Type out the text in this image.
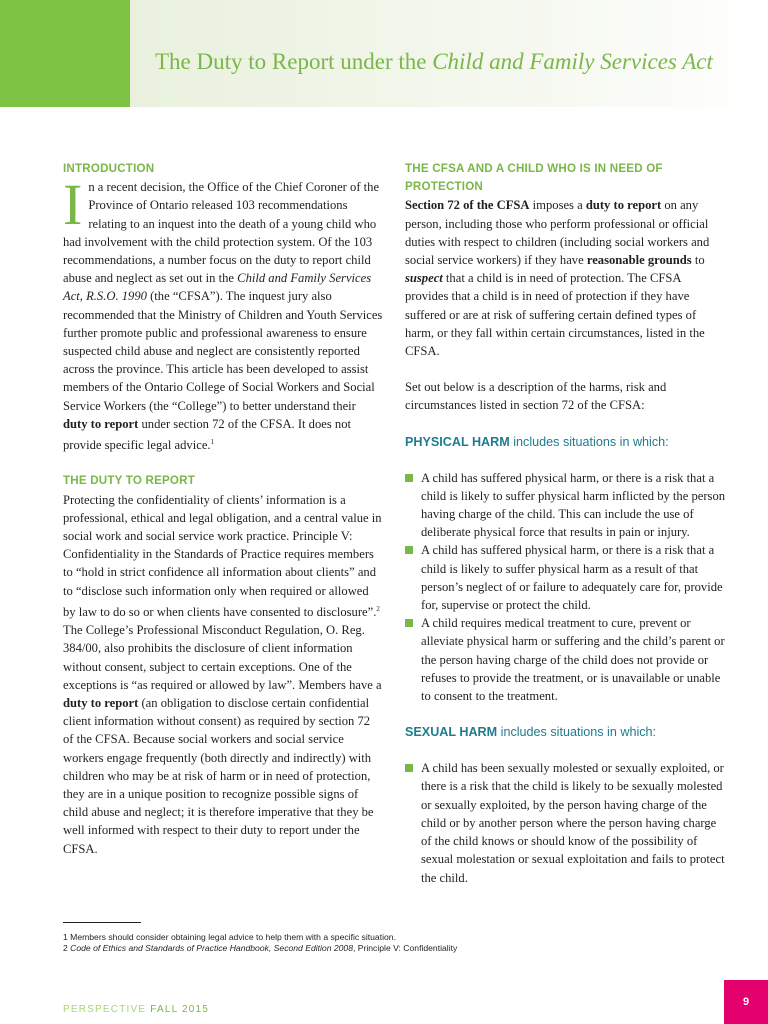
The Duty to Report under the Child and Family Services Act
INTRODUCTION

In a recent decision, the Office of the Chief Coroner of the Province of Ontario released 103 recommendations relating to an inquest into the death of a young child who had involvement with the child protection system. Of the 103 recommendations, a number focus on the duty to report child abuse and neglect as set out in the Child and Family Services Act, R.S.O. 1990 (the “CFSA”). The inquest jury also recommended that the Ministry of Children and Youth Services further promote public and professional awareness to ensure suspected child abuse and neglect are consistently reported across the province. This article has been developed to assist members of the Ontario College of Social Workers and Social Service Workers (the “College”) to better understand their duty to report under section 72 of the CFSA. It does not provide specific legal advice.$^1$

THE DUTY TO REPORT

Protecting the confidentiality of clients’ information is a professional, ethical and legal obligation, and a central value in social work and social service work practice. Principle V: Confidentiality in the Standards of Practice requires members to “hold in strict confidence all information about clients” and to “disclose such information only when required or allowed by law to do so or when clients have consented to disclosure”.$^2$ The College’s Professional Misconduct Regulation, O. Reg. 384/00, also prohibits the disclosure of client information without consent, subject to certain exceptions. One of the exceptions is “as required or allowed by law”. Members have a duty to report (an obligation to disclose certain confidential client information without consent) as required by section 72 of the CFSA. Because social workers and social service workers engage frequently (both directly and indirectly) with children who may be at risk of harm or in need of protection, they are in a unique position to recognize possible signs of child abuse and neglect; it is therefore imperative that they be well informed with respect to their duty to report under the CFSA.

THE CFSA AND A CHILD WHO IS IN NEED OF PROTECTION

Section 72 of the CFSA imposes a duty to report on any person, including those who perform professional or official duties with respect to children (including social workers and social service workers) if they have reasonable grounds to suspect that a child is in need of protection. The CFSA provides that a child is in need of protection if they have suffered or are at risk of suffering certain defined types of harm, or they fall within certain circumstances, listed in the CFSA.

Set out below is a description of the harms, risk and circumstances listed in section 72 of the CFSA:

PHYSICAL HARM includes situations in which:
A child has suffered physical harm, or there is a risk that a child is likely to suffer physical harm inflicted by the person having charge of the child. This can include the use of deliberate physical force that results in pain or injury.
A child has suffered physical harm, or there is a risk that a child is likely to suffer physical harm as a result of that person’s neglect of or failure to adequately care for, provide for, supervise or protect the child.
A child requires medical treatment to cure, prevent or alleviate physical harm or suffering and the child’s parent or the person having charge of the child does not provide or refuses to provide the treatment, or is unavailable or unable to consent to the treatment.
SEXUAL HARM includes situations in which:
A child has been sexually molested or sexually exploited, or there is a risk that the child is likely to be sexually molested or sexually exploited, by the person having charge of the child or by another person where the person having charge of the child knows or should know of the possibility of sexual molestation or sexual exploitation and fails to protect the child.
1 Members should consider obtaining legal advice to help them with a specific situation.
2 Code of Ethics and Standards of Practice Handbook, Second Edition 2008, Principle V: Confidentiality
PERSPECTIVE FALL 2015
9
